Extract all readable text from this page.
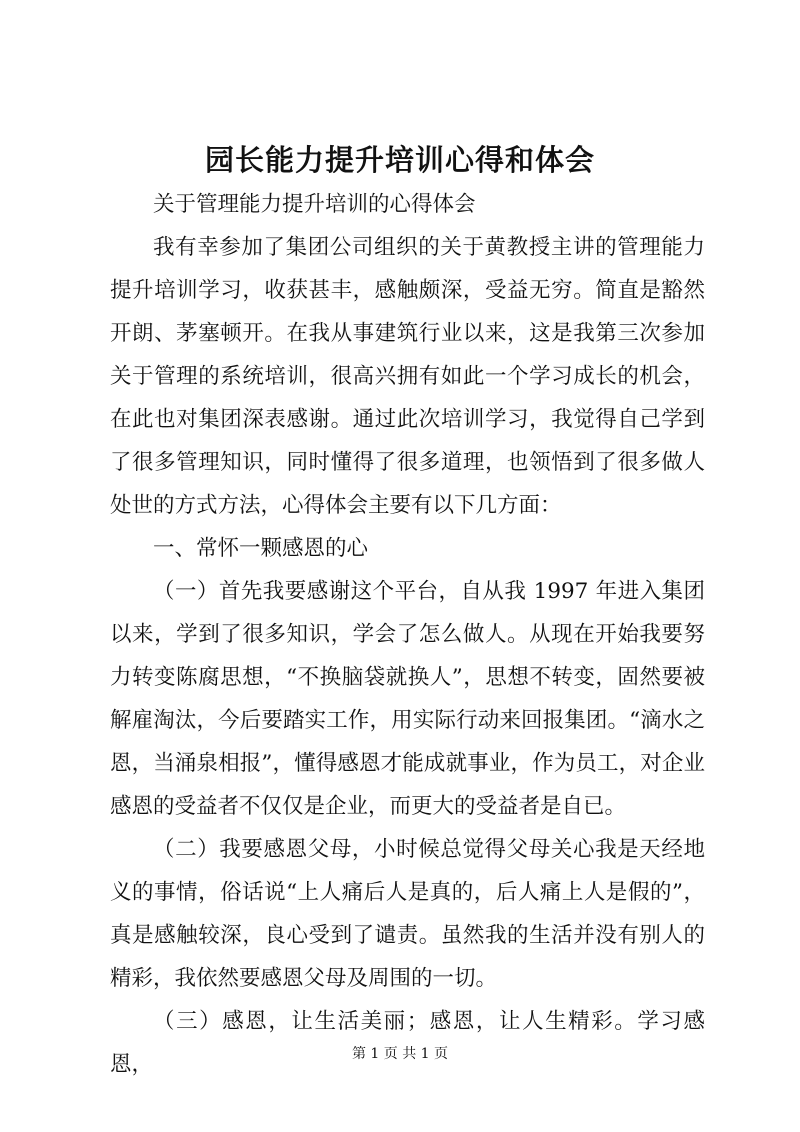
园长能力提升培训心得和体会

关于管理能力提升培训的心得体会

我有幸参加了集团公司组织的关于黄教授主讲的管理能力提升培训学习，收获甚丰，感触颇深，受益无穷。简直是豁然开朗、茅塞顿开。在我从事建筑行业以来，这是我第三次参加关于管理的系统培训，很高兴拥有如此一个学习成长的机会，在此也对集团深表感谢。通过此次培训学习，我觉得自己学到了很多管理知识，同时懂得了很多道理，也领悟到了很多做人处世的方式方法，心得体会主要有以下几方面：

一、常怀一颗感恩的心

（一）首先我要感谢这个平台，自从我 1997 年进入集团以来，学到了很多知识，学会了怎么做人。从现在开始我要努力转变陈腐思想，“不换脑袋就换人”，思想不转变，固然要被解雇淘汰，今后要踏实工作，用实际行动来回报集团。“滴水之恩，当涌泉相报”，懂得感恩才能成就事业，作为员工，对企业感恩的受益者不仅仅是企业，而更大的受益者是自已。

（二）我要感恩父母，小时候总觉得父母关心我是天经地义的事情，俗话说“上人痛后人是真的，后人痛上人是假的”，真是感触较深，良心受到了谴责。虽然我的生活并没有别人的精彩，我依然要感恩父母及周围的一切。

（三）感恩，让生活美丽；感恩，让人生精彩。学习感恩，	第 1 页 共 1 页
